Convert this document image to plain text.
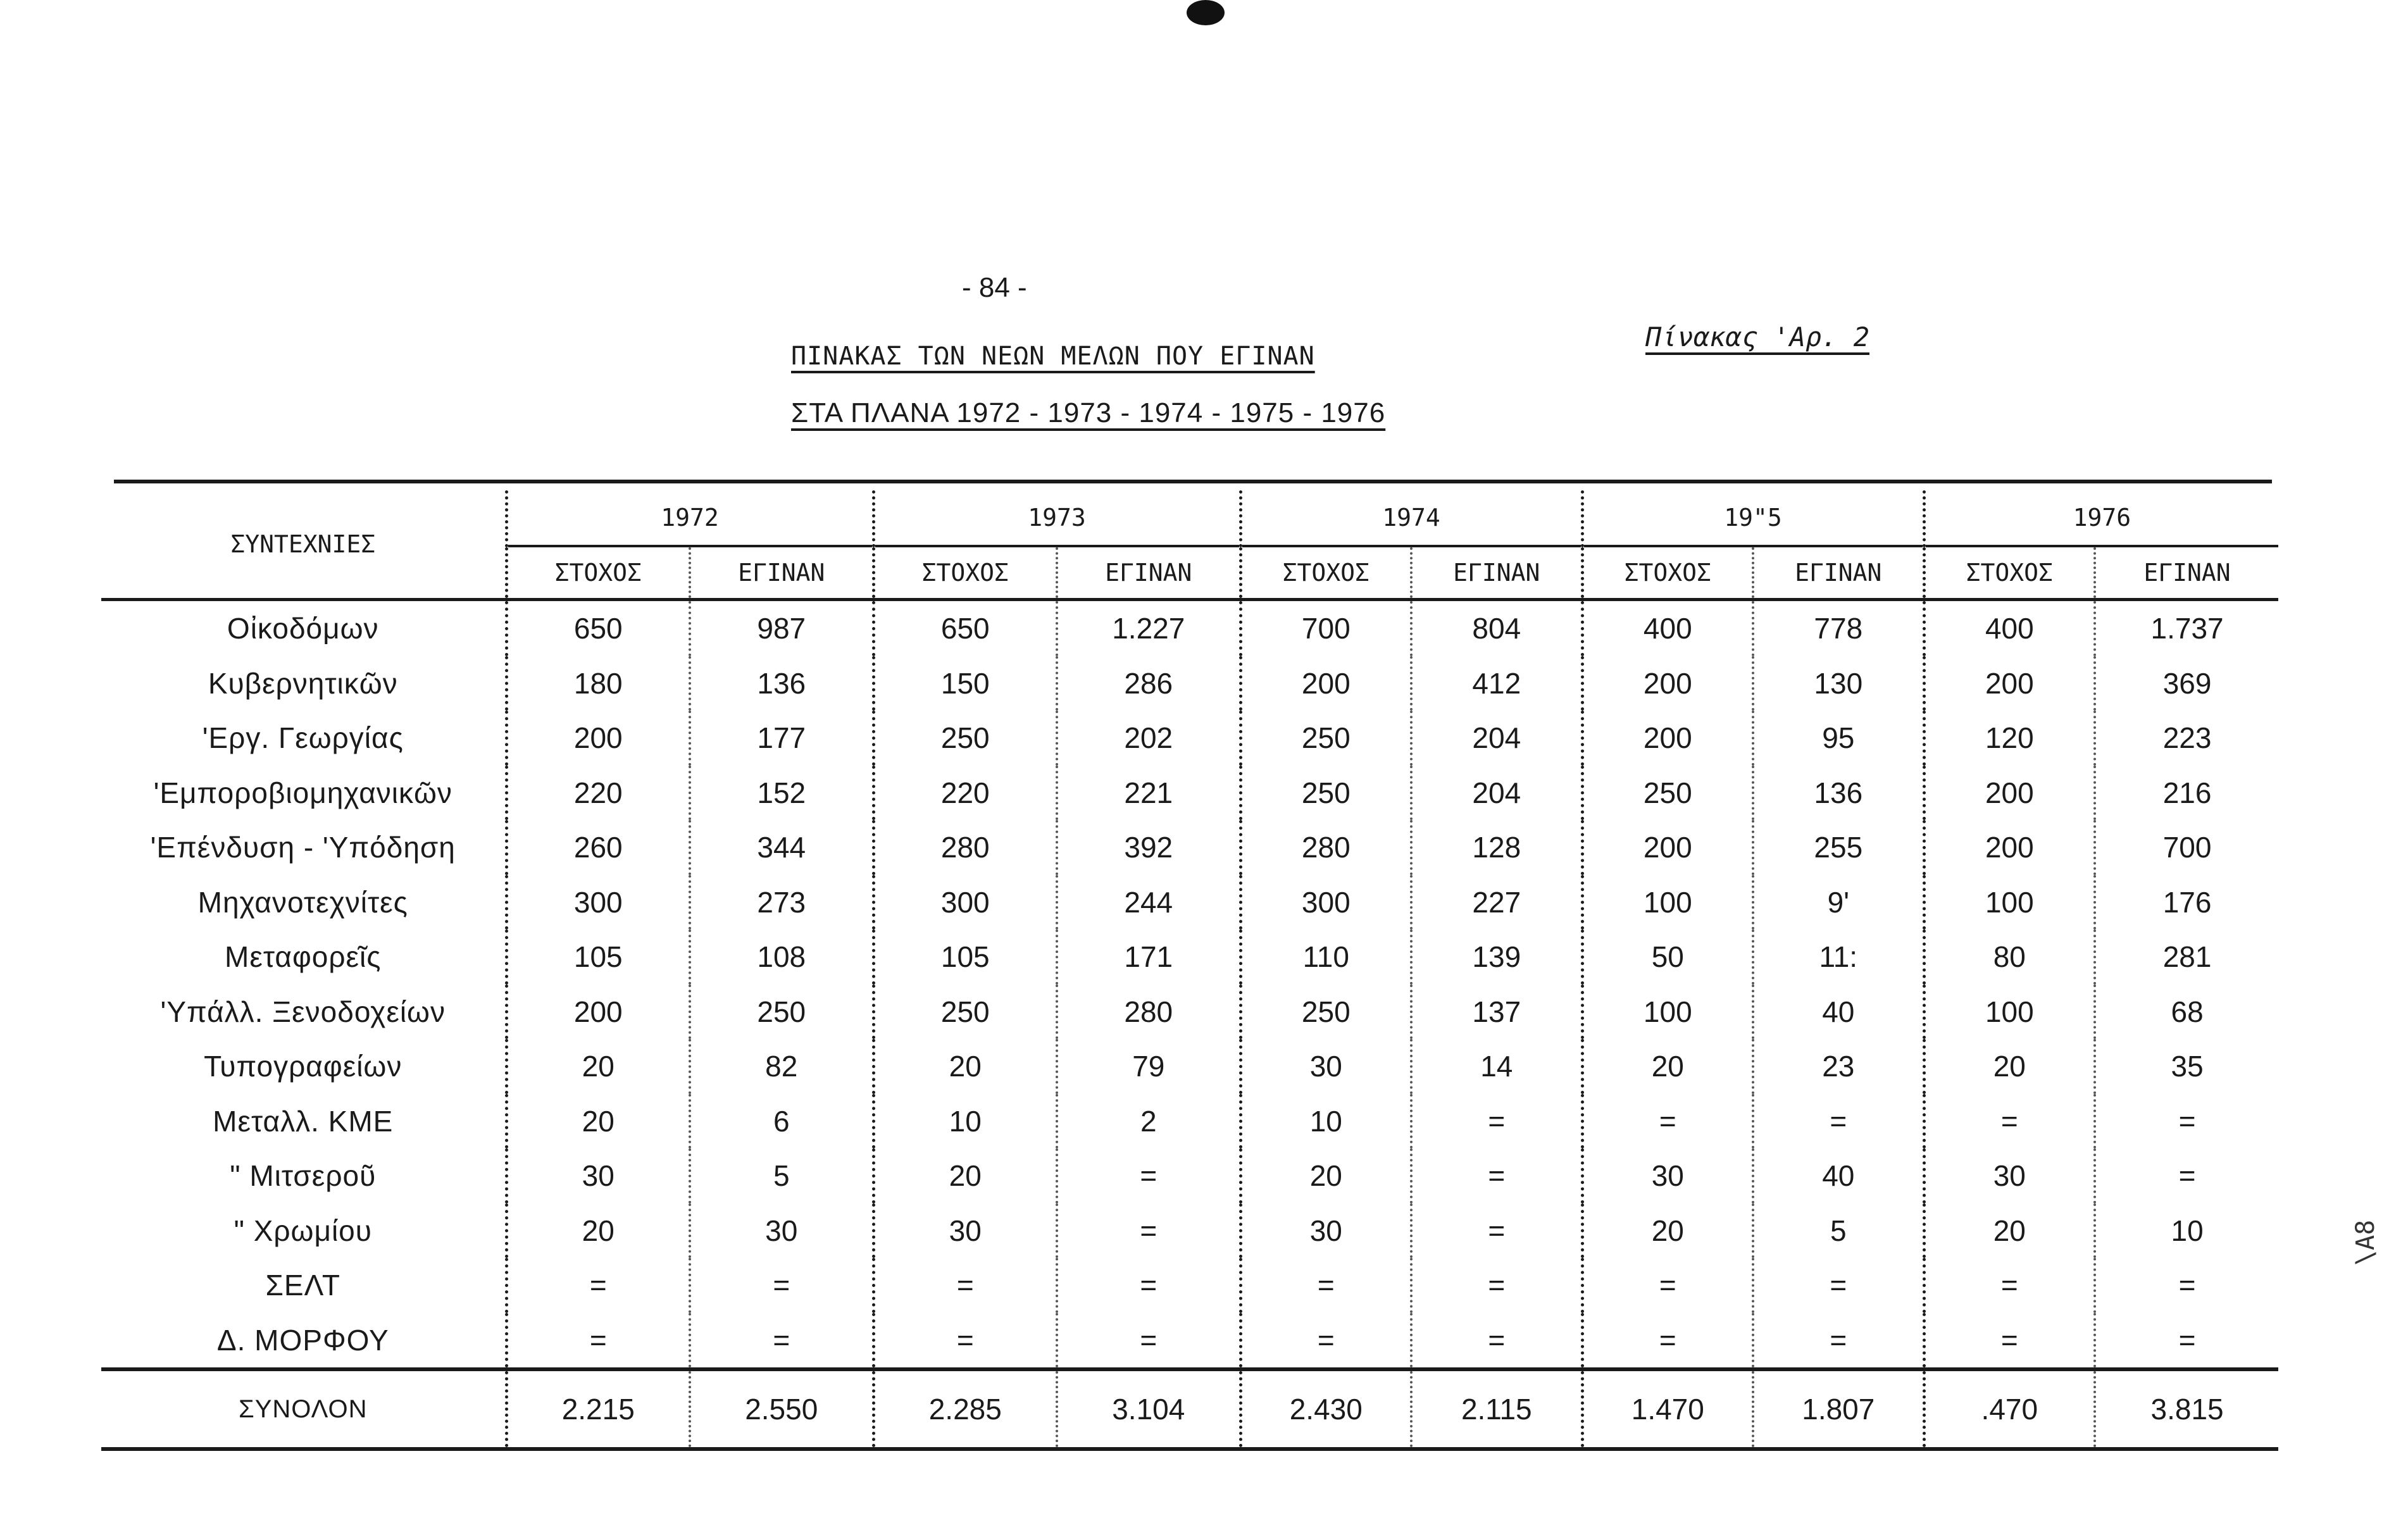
- 84 -
ΠΙΝΑΚΑΣ ΤΩΝ ΝΕΩΝ ΜΕΛΩΝ ΠΟΥ ΕΓΙΝΑΝ
ΣΤΑ ΠΛΑΝΑ 1972 - 1973 - 1974 - 1975 - 1976
Πίνακας 'Αρ. 2
ΣΥΝΤΕΧΝΙΕΣ	1972		1973		1974		19"5		1976	
	ΣΤΟΧΟΣ	ΕΓΙΝΑΝ	ΣΤΟΧΟΣ	ΕΓΙΝΑΝ	ΣΤΟΧΟΣ	ΕΓΙΝΑΝ	ΣΤΟΧΟΣ	ΕΓΙΝΑΝ	ΣΤΟΧΟΣ	ΕΓΙΝΑΝ
Οἰκοδόμων	650	987	650	1.227	700	804	400	778	400	1.737
Κυβερνητικῶν	180	136	150	286	200	412	200	130	200	369
'Εργ. Γεωργίας	200	177	250	202	250	204	200	95	120	223
'Εμποροβιομηχανικῶν	220	152	220	221	250	204	250	136	200	216
'Επένδυση - 'Υπόδηση	260	344	280	392	280	128	200	255	200	700
Μηχανοτεχνίτες	300	273	300	244	300	227	100	9'	100	176
Μεταφορεῖς	105	108	105	171	110	139	50	11:	80	281
'Υπάλλ. Ξενοδοχείων	200	250	250	280	250	137	100	40	100	68
Τυπογραφείων	20	82	20	79	30	14	20	23	20	35
Μεταλλ. ΚΜΕ	20	6	10	2	10	=	=	=	=	=
" Μιτσεροῦ	30	5	20	=	20	=	30	40	30	=
" Χρωμίου	20	30	30	=	30	=	20	5	20	10
ΣΕΛΤ	=	=	=	=	=	=	=	=	=	=
Δ. ΜΟΡΦΟΥ	=	=	=	=	=	=	=	=	=	=
ΣΥΝΟΛΟΝ	2.215	2.550	2.285	3.104	2.430	2.115	1.470	1.807	.470	3.815
\Α8
